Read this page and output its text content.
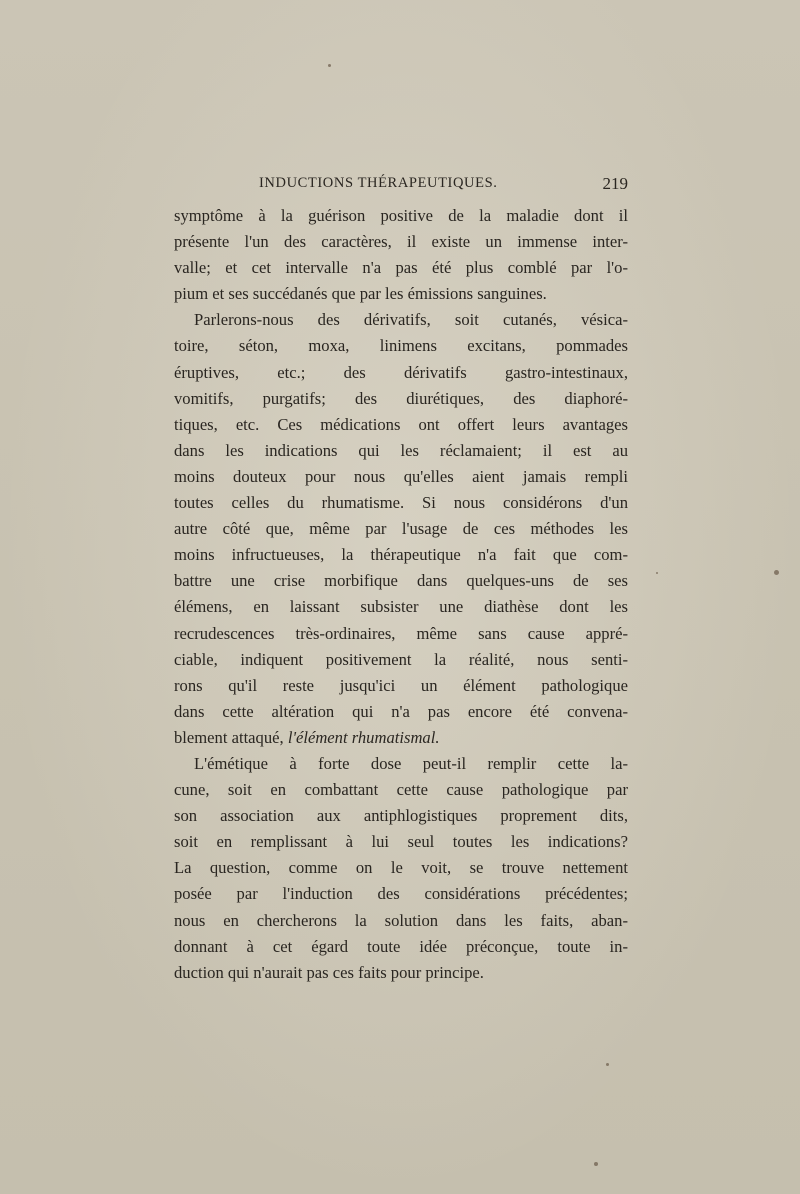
INDUCTIONS THÉRAPEUTIQUES.	219
symptôme à la guérison positive de la maladie dont il
présente l'un des caractères, il existe un immense inter-
valle; et cet intervalle n'a pas été plus comblé par l'o-
pium et ses succédanés que par les émissions sanguines.
Parlerons-nous des dérivatifs, soit cutanés, vésica-
toire, séton, moxa, linimens excitans, pommades
éruptives, etc.; des dérivatifs gastro-intestinaux,
vomitifs, purgatifs; des diurétiques, des diaphoré-
tiques, etc. Ces médications ont offert leurs avantages
dans les indications qui les réclamaient; il est au
moins douteux pour nous qu'elles aient jamais rempli
toutes celles du rhumatisme. Si nous considérons d'un
autre côté que, même par l'usage de ces méthodes les
moins infructueuses, la thérapeutique n'a fait que com-
battre une crise morbifique dans quelques-uns de ses
élémens, en laissant subsister une diathèse dont les
recrudescences très-ordinaires, même sans cause appré-
ciable, indiquent positivement la réalité, nous senti-
rons qu'il reste jusqu'ici un élément pathologique
dans cette altération qui n'a pas encore été convena-
blement attaqué, l'élément rhumatismal.
L'émétique à forte dose peut-il remplir cette la-
cune, soit en combattant cette cause pathologique par
son association aux antiphlogistiques proprement dits,
soit en remplissant à lui seul toutes les indications?
La question, comme on le voit, se trouve nettement
posée par l'induction des considérations précédentes;
nous en chercherons la solution dans les faits, aban-
donnant à cet égard toute idée préconçue, toute in-
duction qui n'aurait pas ces faits pour principe.
